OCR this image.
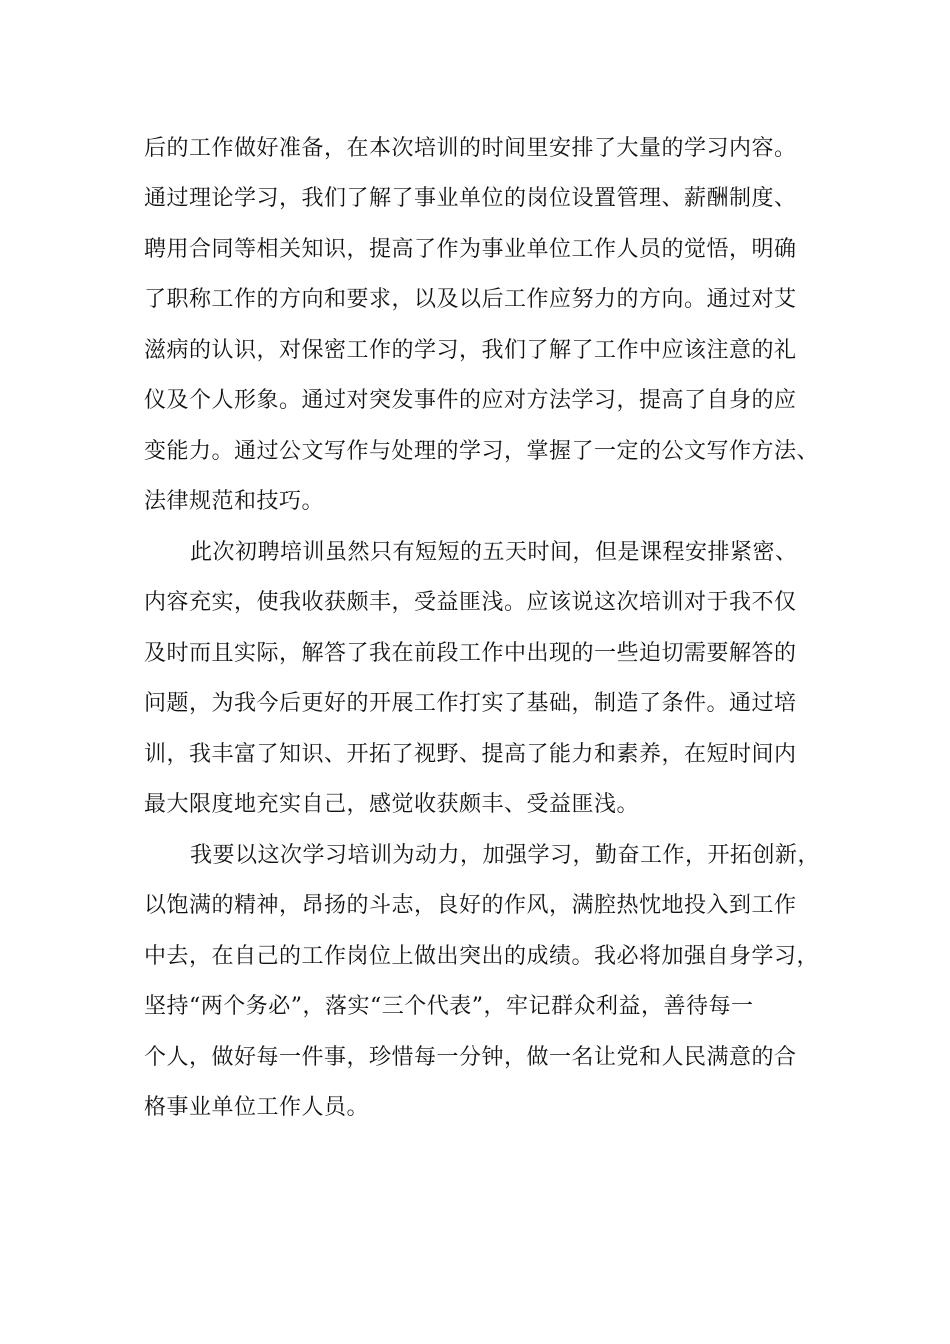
后的工作做好准备，在本次培训的时间里安排了大量的学习内容。
通过理论学习，我们了解了事业单位的岗位设置管理、薪酬制度、
聘用合同等相关知识，提高了作为事业单位工作人员的觉悟，明确
了职称工作的方向和要求，以及以后工作应努力的方向。通过对艾
滋病的认识，对保密工作的学习，我们了解了工作中应该注意的礼
仪及个人形象。通过对突发事件的应对方法学习，提高了自身的应
变能力。通过公文写作与处理的学习，掌握了一定的公文写作方法、
法律规范和技巧。
此次初聘培训虽然只有短短的五天时间，但是课程安排紧密、
内容充实，使我收获颇丰，受益匪浅。应该说这次培训对于我不仅
及时而且实际，解答了我在前段工作中出现的一些迫切需要解答的
问题，为我今后更好的开展工作打实了基础，制造了条件。通过培
训，我丰富了知识、开拓了视野、提高了能力和素养，在短时间内
最大限度地充实自己，感觉收获颇丰、受益匪浅。
我要以这次学习培训为动力，加强学习，勤奋工作，开拓创新，
以饱满的精神，昂扬的斗志，良好的作风，满腔热忱地投入到工作
中去，在自己的工作岗位上做出突出的成绩。我必将加强自身学习，
坚持“两个务必”，落实“三个代表”，牢记群众利益，善待每一
个人，做好每一件事，珍惜每一分钟，做一名让党和人民满意的合
格事业单位工作人员。
